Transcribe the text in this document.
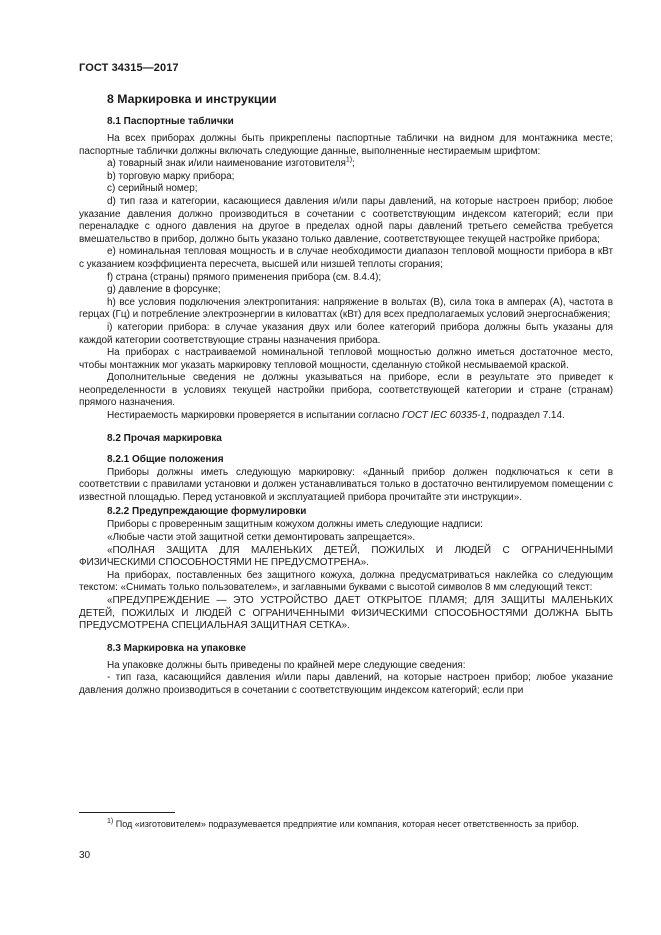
ГОСТ 34315—2017
8 Маркировка и инструкции
8.1 Паспортные таблички

На всех приборах должны быть прикреплены паспортные таблички на видном для монтажника месте; паспортные таблички должны включать следующие данные, выполненные нестираемым шрифтом:

a) товарный знак и/или наименование изготовителя$^{1)}$;

b) торговую марку прибора;

c) серийный номер;

d) тип газа и категории, касающиеся давления и/или пары давлений, на которые настроен прибор; любое указание давления должно производиться в сочетании с соответствующим индексом категорий; если при переналадке с одного давления на другое в пределах одной пары давлений третьего семейства требуется вмешательство в прибор, должно быть указано только давление, соответствующее текущей настройке прибора;

e) номинальная тепловая мощность и в случае необходимости диапазон тепловой мощности прибора в кВт с указанием коэффициента пересчета, высшей или низшей теплоты сгорания;

f) страна (страны) прямого применения прибора (см. 8.4.4);

g) давление в форсунке;

h) все условия подключения электропитания: напряжение в вольтах (В), сила тока в амперах (А), частота в герцах (Гц) и потребление электроэнергии в киловаттах (кВт) для всех предполагаемых условий энергоснабжения;

i) категории прибора: в случае указания двух или более категорий прибора должны быть указаны для каждой категории соответствующие страны назначения прибора.

На приборах с настраиваемой номинальной тепловой мощностью должно иметься достаточное место, чтобы монтажник мог указать маркировку тепловой мощности, сделанную стойкой несмываемой краской.

Дополнительные сведения не должны указываться на приборе, если в результате это приведет к неопределенности в условиях текущей настройки прибора, соответствующей категории и стране (странам) прямого назначения.

Нестираемость маркировки проверяется в испытании согласно ГОСТ IEC 60335-1, подраздел 7.14.

8.2 Прочая маркировка
8.2.1 Общие положения

Приборы должны иметь следующую маркировку: «Данный прибор должен подключаться к сети в соответствии с правилами установки и должен устанавливаться только в достаточно вентилируемом помещении с известной площадью. Перед установкой и эксплуатацией прибора прочитайте эти инструкции».

8.2.2 Предупреждающие формулировки

Приборы с проверенным защитным кожухом должны иметь следующие надписи:

«Любые части этой защитной сетки демонтировать запрещается».

«ПОЛНАЯ ЗАЩИТА ДЛЯ МАЛЕНЬКИХ ДЕТЕЙ, ПОЖИЛЫХ И ЛЮДЕЙ С ОГРАНИЧЕННЫМИ ФИЗИЧЕСКИМИ СПОСОБНОСТЯМИ НЕ ПРЕДУСМОТРЕНА».

На приборах, поставленных без защитного кожуха, должна предусматриваться наклейка со следующим текстом: «Снимать только пользователем», и заглавными буквами с высотой символов 8 мм следующий текст:

«ПРЕДУПРЕЖДЕНИЕ — ЭТО УСТРОЙСТВО ДАЕТ ОТКРЫТОЕ ПЛАМЯ; ДЛЯ ЗАЩИТЫ МАЛЕНЬКИХ ДЕТЕЙ, ПОЖИЛЫХ И ЛЮДЕЙ С ОГРАНИЧЕННЫМИ ФИЗИЧЕСКИМИ СПОСОБНОСТЯМИ ДОЛЖНА БЫТЬ ПРЕДУСМОТРЕНА СПЕЦИАЛЬНАЯ ЗАЩИТНАЯ СЕТКА».

8.3 Маркировка на упаковке

На упаковке должны быть приведены по крайней мере следующие сведения:

- тип газа, касающийся давления и/или пары давлений, на которые настроен прибор; любое указание давления должно производиться в сочетании с соответствующим индексом категорий; если при

$^{1)}$ Под «изготовителем» подразумевается предприятие или компания, которая несет ответственность за прибор.
30
